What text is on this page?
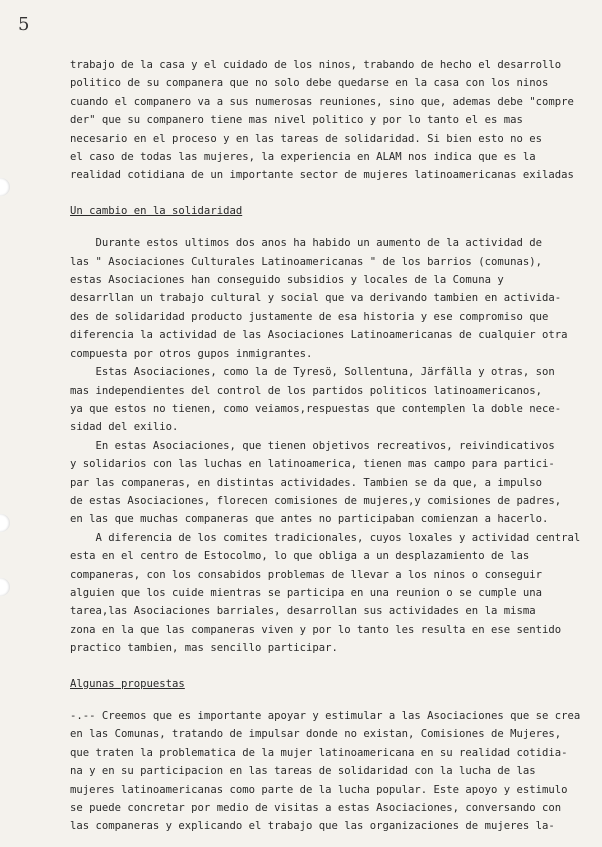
5
trabajo de la casa y el cuidado de los ninos, trabando de hecho el desarrollo
politico de su companera que no solo debe quedarse en la casa con los ninos
cuando el companero va a sus numerosas reuniones, sino que, ademas debe "compre
der" que su companero tiene mas nivel politico y por lo tanto el es mas
necesario en el proceso y en las tareas de solidaridad. Si bien esto no es
el caso de todas las mujeres, la experiencia en ALAM nos indica que es la
realidad cotidiana de un importante sector de mujeres latinoamericanas exiladas
Un cambio en la solidaridad
Durante estos ultimos dos anos ha habido un aumento de la actividad de
las " Asociaciones Culturales Latinoamericanas " de los barrios (comunas),
estas Asociaciones han conseguido subsidios y locales de la Comuna y
desarrllan un trabajo cultural y social que va derivando tambien en activida-
des de solidaridad producto justamente de esa historia y ese compromiso que
diferencia la actividad de las Asociaciones Latinoamericanas de cualquier otra
compuesta por otros gupos inmigrantes.
Estas Asociaciones, como la de Tyresö, Sollentuna, Järfälla y otras, son
mas independientes del control de los partidos politicos latinoamericanos,
ya que estos no tienen, como veiamos,respuestas que contemplen la doble nece-
sidad del exilio.
En estas Asociaciones, que tienen objetivos recreativos, reivindicativos
y solidarios con las luchas en latinoamerica, tienen mas campo para partici-
par las companeras, en distintas actividades. Tambien se da que, a impulso
de estas Asociaciones, florecen comisiones de mujeres,y comisiones de padres,
en las que muchas companeras que antes no participaban comienzan a hacerlo.
A diferencia de los comites tradicionales, cuyos loxales y actividad central
esta en el centro de Estocolmo, lo que obliga a un desplazamiento de las
companeras, con los consabidos problemas de llevar a los ninos o conseguir
alguien que los cuide mientras se participa en una reunion o se cumple una
tarea,las Asociaciones barriales, desarrollan sus actividades en la misma
zona en la que las companeras viven y por lo tanto les resulta en ese sentido
practico tambien, mas sencillo participar.
Algunas propuestas
-.-- Creemos que es importante apoyar y estimular a las Asociaciones que se crea
en las Comunas, tratando de impulsar donde no existan, Comisiones de Mujeres,
que traten la problematica de la mujer latinoamericana en su realidad cotidia-
na y en su participacion en las tareas de solidaridad con la lucha de las
mujeres latinoamericanas como parte de la lucha popular. Este apoyo y estimulo
se puede concretar por medio de visitas a estas Asociaciones, conversando con
las companeras y explicando el trabajo que las organizaciones de mujeres la-
